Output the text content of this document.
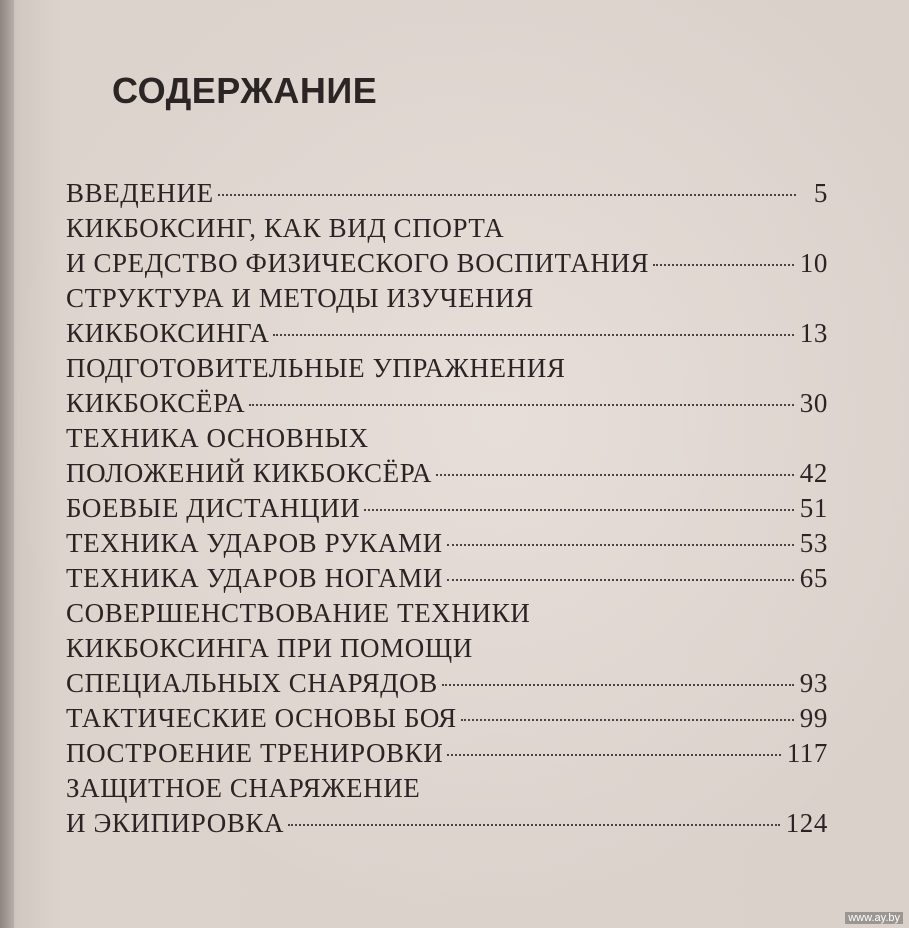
СОДЕРЖАНИЕ
ВВЕДЕНИЕ	5
КИКБОКСИНГ, КАК ВИД СПОРТА
И СРЕДСТВО ФИЗИЧЕСКОГО ВОСПИТАНИЯ	10
СТРУКТУРА И МЕТОДЫ ИЗУЧЕНИЯ
КИКБОКСИНГА	13
ПОДГОТОВИТЕЛЬНЫЕ УПРАЖНЕНИЯ
КИКБОКСЁРА	30
ТЕХНИКА ОСНОВНЫХ
ПОЛОЖЕНИЙ КИКБОКСЁРА	42
БОЕВЫЕ ДИСТАНЦИИ	51
ТЕХНИКА УДАРОВ РУКАМИ	53
ТЕХНИКА УДАРОВ НОГАМИ	65
СОВЕРШЕНСТВОВАНИЕ ТЕХНИКИ
КИКБОКСИНГА ПРИ ПОМОЩИ
СПЕЦИАЛЬНЫХ СНАРЯДОВ	93
ТАКТИЧЕСКИЕ ОСНОВЫ БОЯ	99
ПОСТРОЕНИЕ ТРЕНИРОВКИ	117
ЗАЩИТНОЕ СНАРЯЖЕНИЕ
И ЭКИПИРОВКА	124
www.ay.by
